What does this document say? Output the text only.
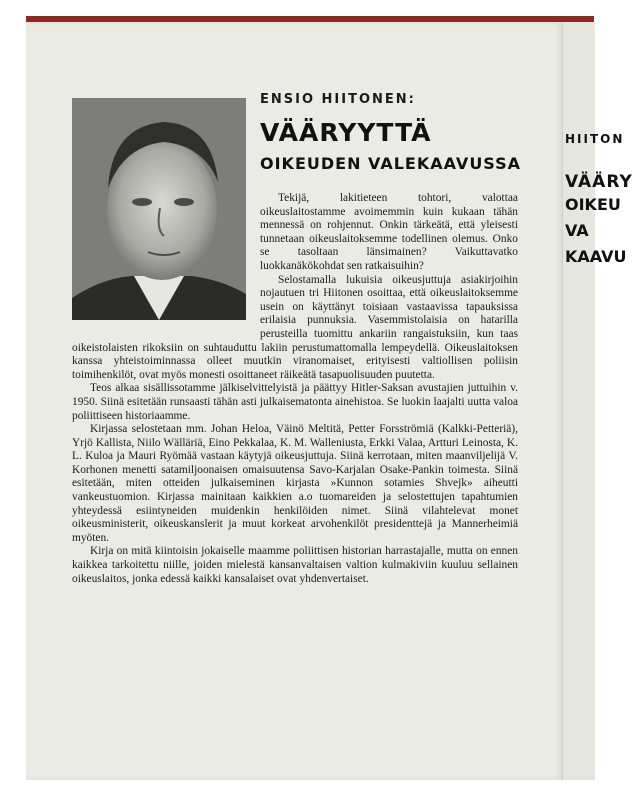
ENSIO HIITONEN:
VÄÄRYYTTÄ
OIKEUDEN VALEKAAVUSSA

Tekijä, lakitieteen tohtori, valottaa oikeuslaitostamme avoimemmin kuin kukaan tähän mennessä on rohjennut. Onkin tärkeätä, että yleisesti tunnetaan oikeuslaitoksemme todellinen olemus. Onko se tasoltaan länsimainen? Vaikuttavatko luokkanäkökohdat sen ratkaisuihin?

Selostamalla lukuisia oikeusjuttuja asiakirjoihin nojautuen tri Hiitonen osoittaa, että oikeuslaitoksemme usein on käyttänyt toisiaan vastaavissa tapauksissa erilaisia punnuksia. Vasemmistolaisia on hatarilla perusteilla tuomittu ankariin rangaistuksiin, kun taas oikeistolaisten rikoksiin on suhtauduttu lakiin perustumattomalla lempeydellä. Oikeuslaitoksen kanssa yhteistoiminnassa olleet muutkin viranomaiset, erityisesti valtiollisen poliisin toimihenkilöt, ovat myös monesti osoittaneet räikeätä tasapuolisuuden puutetta.

Teos alkaa sisällissotamme jälkiselvittelyistä ja päättyy Hitler-Saksan avustajien juttuihin v. 1950. Siinä esitetään runsaasti tähän asti julkaisematonta ainehistoa. Se luokin laajalti uutta valoa poliittiseen historiaamme.

Kirjassa selostetaan mm. Johan Heloa, Väinö Meltitä, Petter Forsströmiä (Kalkki-Petteriä), Yrjö Kallista, Niilo Wälläriä, Eino Pekkalaa, K. M. Walleniusta, Erkki Valaa, Artturi Leinosta, K. L. Kuloa ja Mauri Ryömää vastaan käytyjä oikeusjuttuja. Siinä kerrotaan, miten maanviljelijä V. Korhonen menetti satamiljoonaisen omaisuutensa Savo-Karjalan Osake-Pankin toimesta. Siinä esitetään, miten otteiden julkaiseminen kirjasta »Kunnon sotamies Shvejk» aiheutti vankeustuomion. Kirjassa mainitaan kaikkien a.o tuomareiden ja selostettujen tapahtumien yhteydessä esiintyneiden muidenkin henkilöiden nimet. Siinä vilahtelevat monet oikeusministerit, oikeuskanslerit ja muut korkeat arvohenkilöt presidenttejä ja Mannerheimiä myöten.

Kirja on mitä kiintoisin jokaiselle maamme poliittisen historian harrastajalle, mutta on ennen kaikkea tarkoitettu niille, joiden mielestä kansanvaltaisen valtion kulmakiviin kuuluu sellainen oikeuslaitos, jonka edessä kaikki kansalaiset ovat yhdenvertaiset.

HIITON
VÄÄRY
OIKEU
VA
KAAVU
